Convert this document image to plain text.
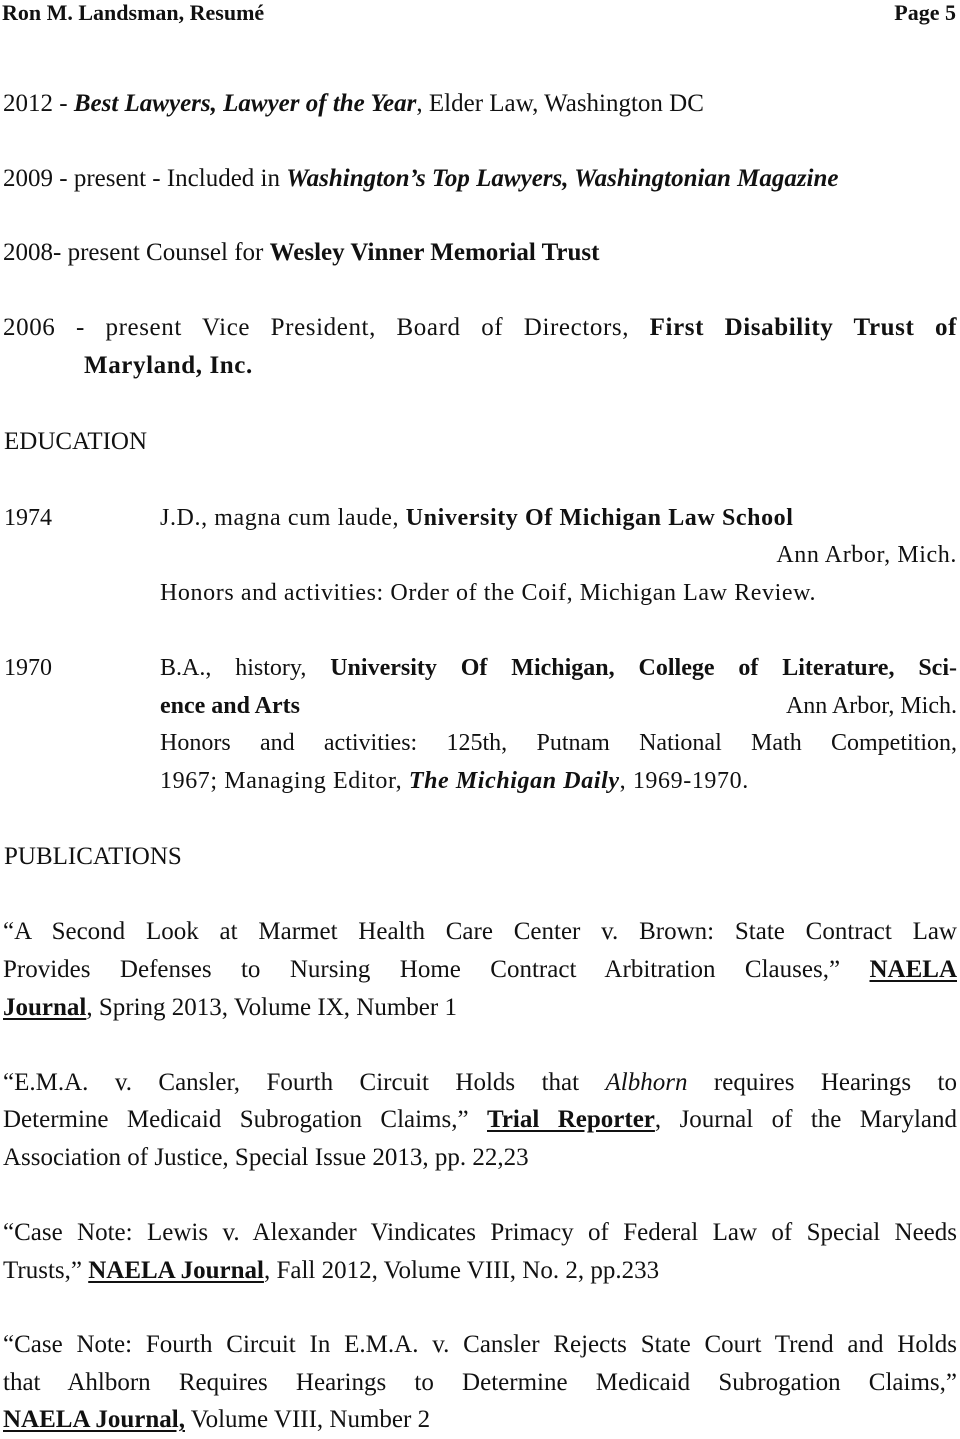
Ron M. Landsman, Resumé	Page 5
2012 - Best Lawyers, Lawyer of the Year, Elder Law, Washington DC
2009 - present - Included in Washington’s Top Lawyers, Washingtonian Magazine
2008- present Counsel for Wesley Vinner Memorial Trust
2006 - present Vice President, Board of Directors, First Disability Trust of
Maryland, Inc.
EDUCATION
1974	J.D., magna cum laude, University Of Michigan Law School
Ann Arbor, Mich.
Honors and activities: Order of the Coif, Michigan Law Review.
1970	B.A., history, University Of Michigan, College of Literature, Sci-
ence and Arts	Ann Arbor, Mich.
Honors and activities: 125th, Putnam National Math Competition,
1967; Managing Editor, The Michigan Daily, 1969-1970.
PUBLICATIONS
“A Second Look at Marmet Health Care Center v. Brown: State Contract Law
Provides Defenses to Nursing Home Contract Arbitration Clauses,” NAELA
Journal, Spring 2013, Volume IX, Number 1
“E.M.A. v. Cansler, Fourth Circuit Holds that Albhorn requires Hearings to
Determine Medicaid Subrogation Claims,” Trial Reporter, Journal of the Maryland
Association of Justice, Special Issue 2013, pp. 22,23
“Case Note: Lewis v. Alexander Vindicates Primacy of Federal Law of Special Needs
Trusts,” NAELA Journal, Fall 2012, Volume VIII, No. 2, pp.233
“Case Note: Fourth Circuit In E.M.A. v. Cansler Rejects State Court Trend and Holds
that Ahlborn Requires Hearings to Determine Medicaid Subrogation Claims,”
NAELA Journal, Volume VIII, Number 2
